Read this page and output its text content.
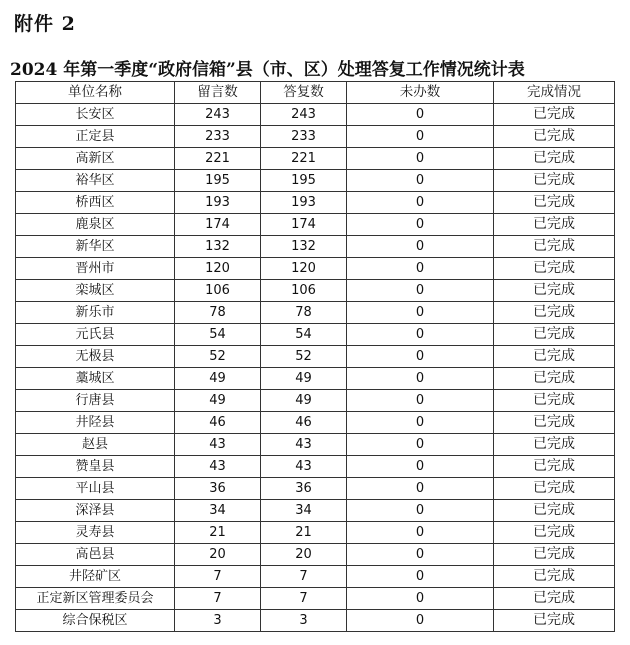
附件 2
2024 年第一季度“政府信箱”县（市、区）处理答复工作情况统计表
单位名称	留言数	答复数	未办数		完成情况
长安区	243	243	0		已完成
正定县	233	233	0		已完成
高新区	221	221	0		已完成
裕华区	195	195	0		已完成
桥西区	193	193	0		已完成
鹿泉区	174	174	0		已完成
新华区	132	132	0		已完成
晋州市	120	120	0		已完成
栾城区	106	106	0		已完成
新乐市	78	78	0		已完成
元氏县	54	54	0		已完成
无极县	52	52	0		已完成
藁城区	49	49	0		已完成
行唐县	49	49	0		已完成
井陉县	46	46	0		已完成
赵县	43	43	0		已完成
赞皇县	43	43	0		已完成
平山县	36	36	0		已完成
深泽县	34	34	0		已完成
灵寿县	21	21	0		已完成
高邑县	20	20	0		已完成
井陉矿区	7	7	0		已完成
正定新区管理委员会	7	7	0		已完成
综合保税区	3	3	0		已完成
